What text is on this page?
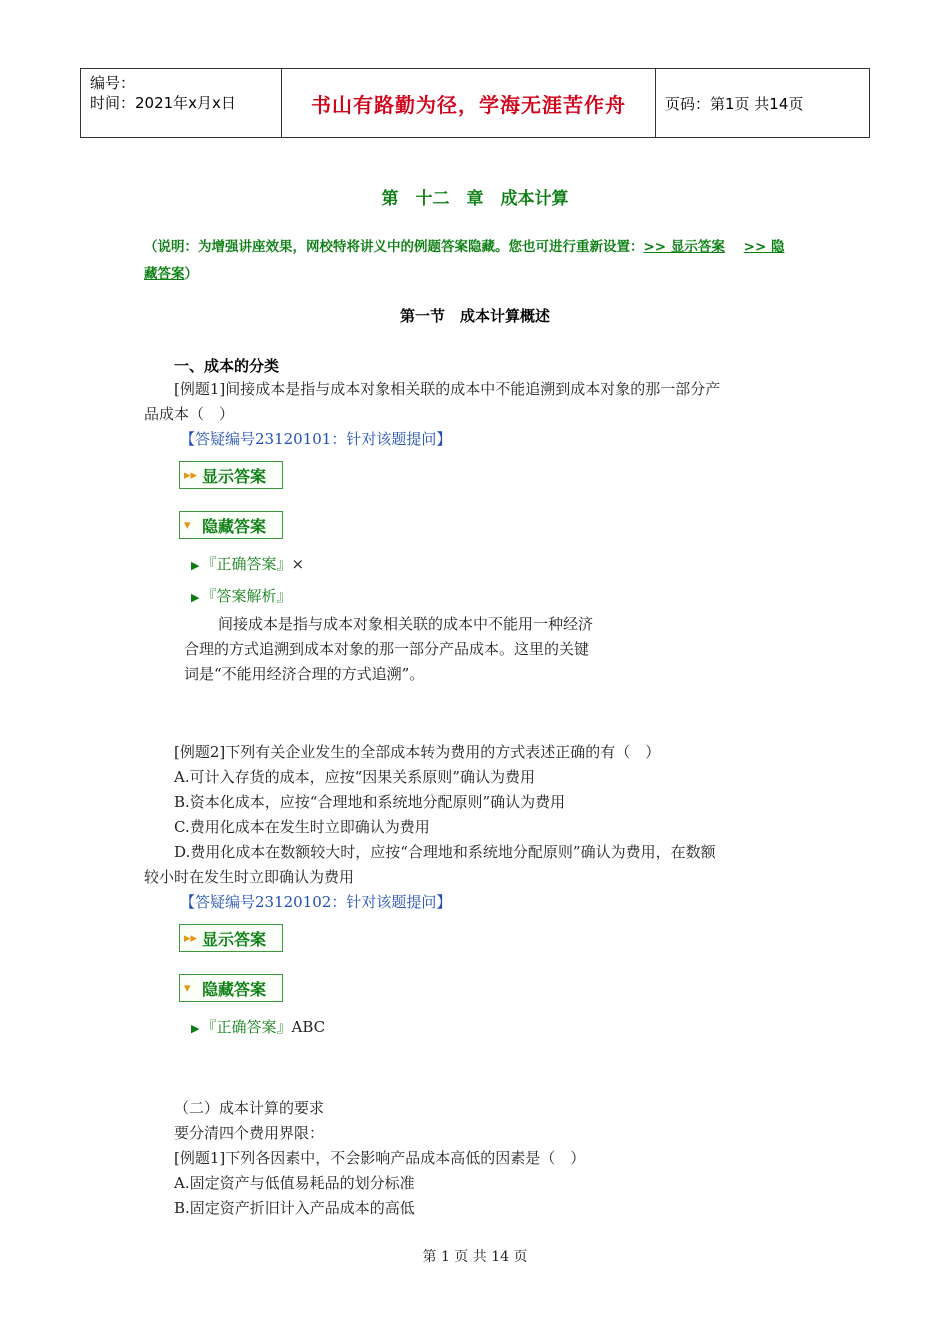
编号：
时间：2021年x月x日	书山有路勤为径，学海无涯苦作舟	页码：第1页 共14页
第　十二　章　成本计算
（说明：为增强讲座效果，网校特将讲义中的例题答案隐藏。您也可进行重新设置：>> 显示答案 >> 隐
藏答案）
第一节　成本计算概述
一、成本的分类
[例题1]间接成本是指与成本对象相关联的成本中不能追溯到成本对象的那一部分产
品成本（　）
【答疑编号23120101：针对该题提问】
▸▸ 显示答案
▾ 隐藏答案
▶ 『正确答案』×
▶ 『答案解析』
间接成本是指与成本对象相关联的成本中不能用一种经济
合理的方式追溯到成本对象的那一部分产品成本。这里的关键
词是“不能用经济合理的方式追溯”。
[例题2]下列有关企业发生的全部成本转为费用的方式表述正确的有（　）
A.可计入存货的成本，应按“因果关系原则”确认为费用
B.资本化成本，应按“合理地和系统地分配原则”确认为费用
C.费用化成本在发生时立即确认为费用
D.费用化成本在数额较大时，应按“合理地和系统地分配原则”确认为费用，在数额
较小时在发生时立即确认为费用
【答疑编号23120102：针对该题提问】
▸▸ 显示答案
▾ 隐藏答案
▶ 『正确答案』ABC
（二）成本计算的要求
要分清四个费用界限：
[例题1]下列各因素中，不会影响产品成本高低的因素是（　）
A.固定资产与低值易耗品的划分标准
B.固定资产折旧计入产品成本的高低
第 1 页 共 14 页
